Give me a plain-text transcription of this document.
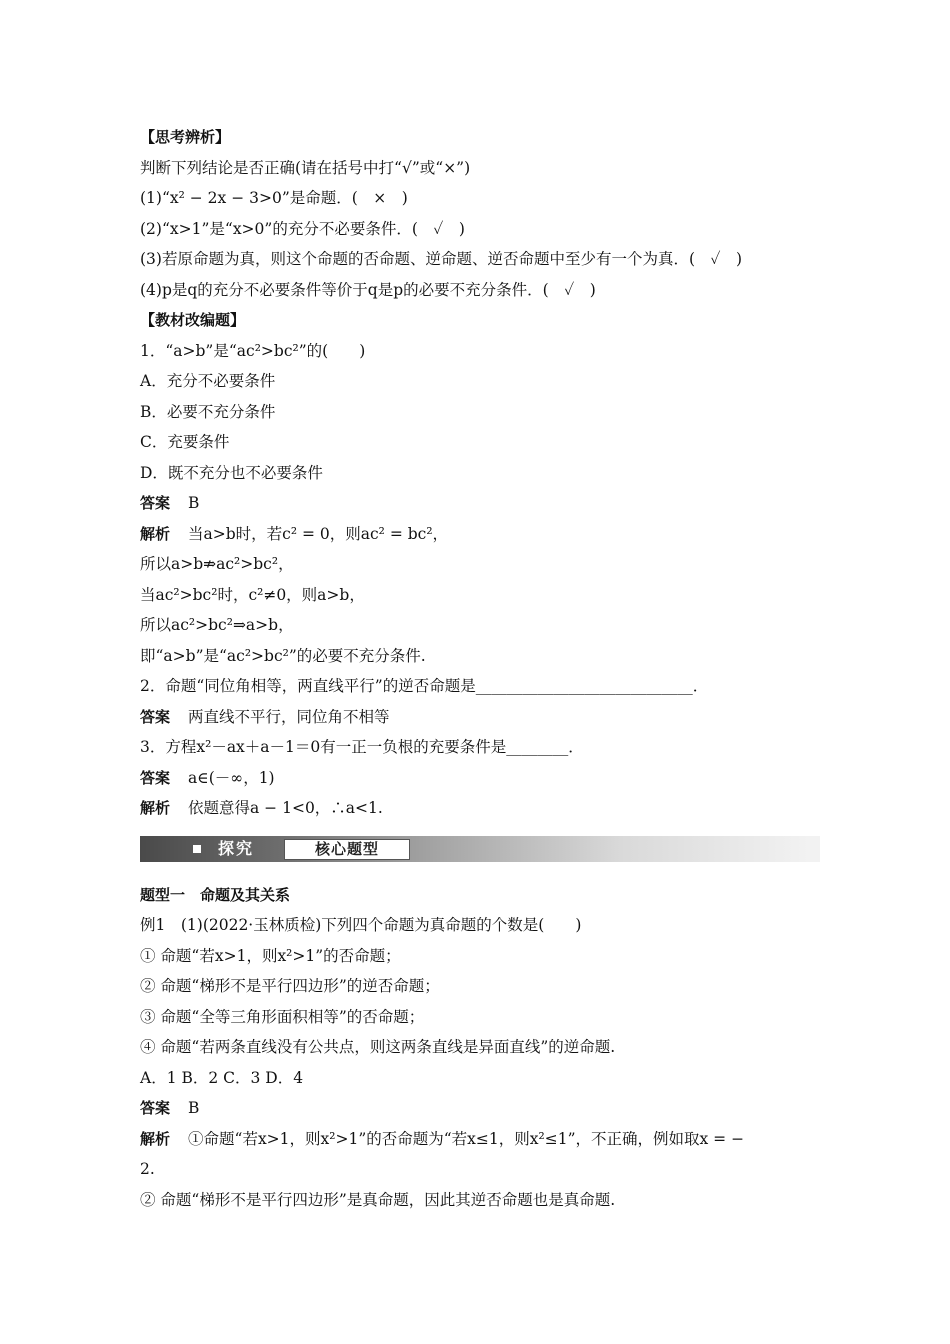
【思考辨析】
判断下列结论是否正确(请在括号中打“√”或“×”)
(1)“x² − 2x − 3>0”是命题．(　×　)
(2)“x>1”是“x>0”的充分不必要条件．(　✓　)
(3)若原命题为真，则这个命题的否命题、逆命题、逆否命题中至少有一个为真．(　✓　)
(4)p是q的充分不必要条件等价于q是p的必要不充分条件．(　✓　)
【教材改编题】
1．“a>b”是“ac²>bc²”的(　　)
A．充分不必要条件
B．必要不充分条件
C．充要条件
D．既不充分也不必要条件
答案 B
解析 当a>b时，若c² = 0，则ac² = bc²，
所以a>b⇏ac²>bc²，
当ac²>bc²时，c²≠0，则a>b，
所以ac²>bc²⇒a>b，
即“a>b”是“ac²>bc²”的必要不充分条件.
2．命题“同位角相等，两直线平行”的逆否命题是____________________________．
答案 两直线不平行，同位角不相等
3．方程x²－ax＋a－1＝0有一正一负根的充要条件是________．
答案 a∈(－∞，1)
解析 依题意得a − 1<0，∴a<1.
探究	核心题型
题型一　命题及其关系
例1　(1)(2022·玉林质检)下列四个命题为真命题的个数是(　　)
① 命题“若x>1，则x²>1”的否命题；
② 命题“梯形不是平行四边形”的逆否命题；
③ 命题“全等三角形面积相等”的否命题；
④ 命题“若两条直线没有公共点，则这两条直线是异面直线”的逆命题.
A．1 B．2 C．3 D．4
答案 B
解析 ①命题“若x>1，则x²>1”的否命题为“若x≤1，则x²≤1”，不正确，例如取x = −
2.
② 命题“梯形不是平行四边形”是真命题，因此其逆否命题也是真命题.
